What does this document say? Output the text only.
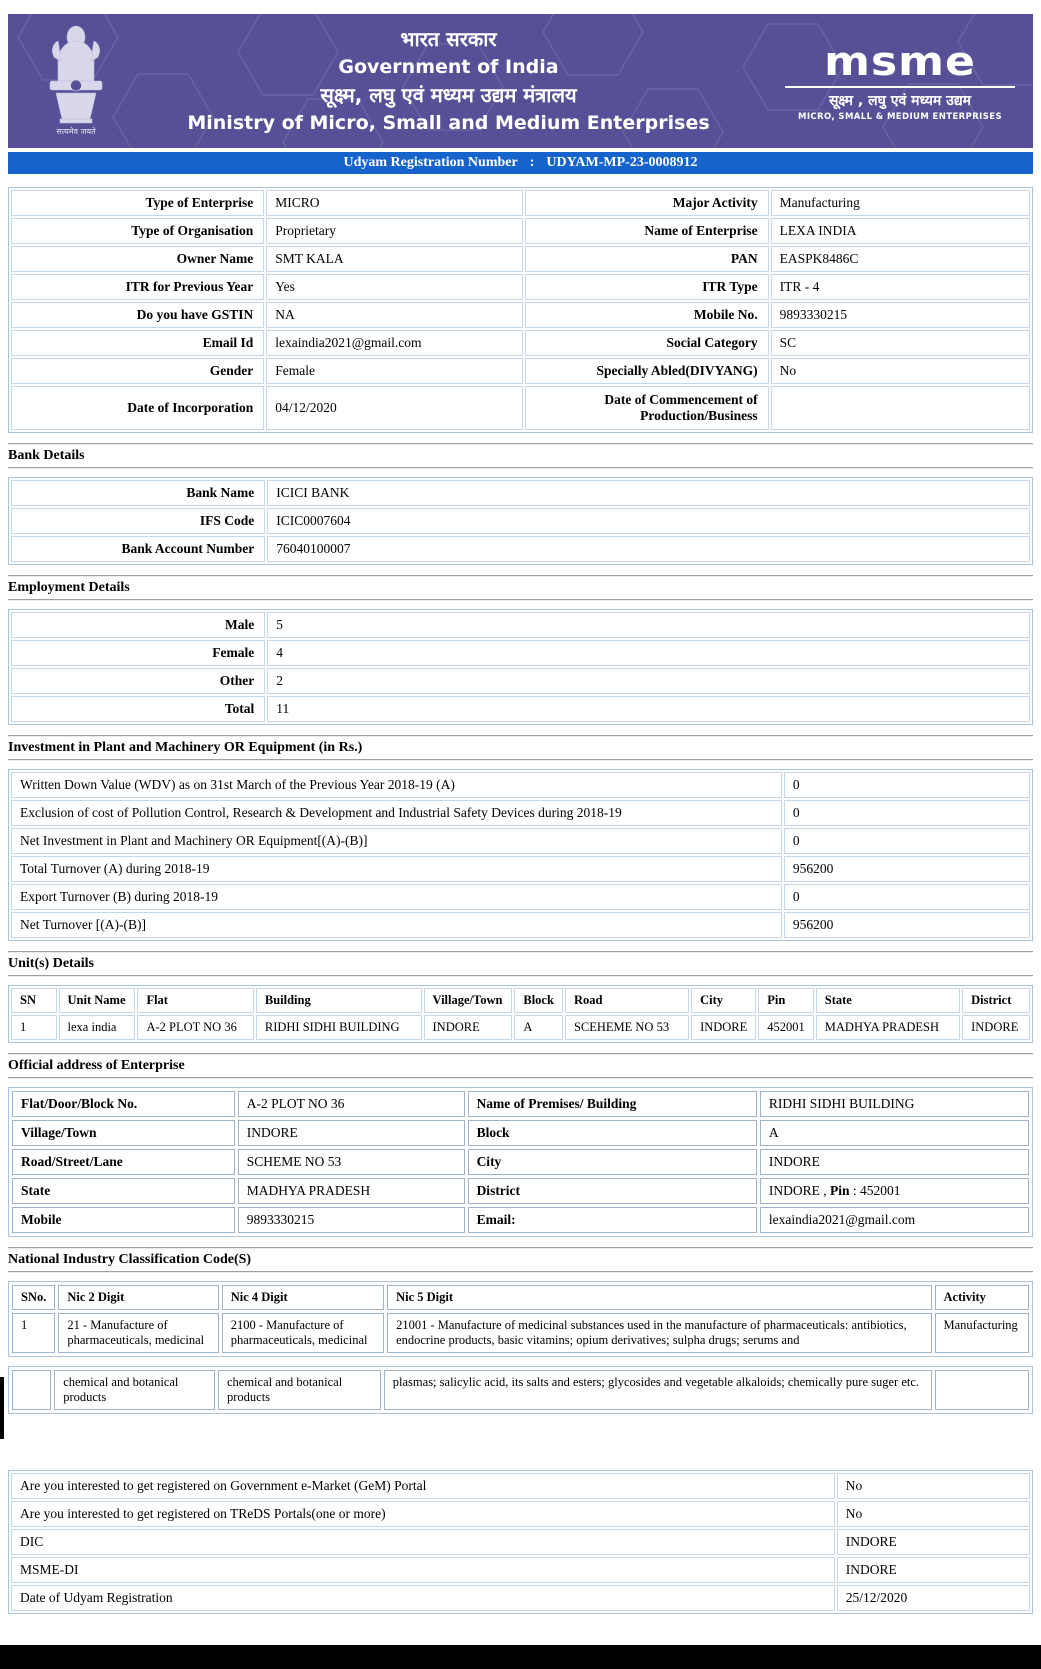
सत्यमेव जयते
भारत सरकार
Government of India
सूक्ष्म, लघु एवं मध्यम उद्यम मंत्रालय
Ministry of Micro, Small and Medium Enterprises
msme
सूक्ष्म , लघु एवं मध्यम उद्यम
MICRO, SMALL & MEDIUM ENTERPRISES
Udyam Registration Number : UDYAM-MP-23-0008912
Type of Enterprise	MICRO	Major Activity	Manufacturing
Type of Organisation	Proprietary	Name of Enterprise	LEXA INDIA
Owner Name	SMT KALA	PAN	EASPK8486C
ITR for Previous Year	Yes	ITR Type	ITR - 4
Do you have GSTIN	NA	Mobile No.	9893330215
Email Id	lexaindia2021@gmail.com	Social Category	SC
Gender	Female	Specially Abled(DIVYANG)	No
Date of Incorporation	04/12/2020	Date of Commencement of Production/Business	
Bank Details
Bank Name	ICICI BANK
IFS Code	ICIC0007604
Bank Account Number	76040100007
Employment Details
Male	5
Female	4
Other	2
Total	11
Investment in Plant and Machinery OR Equipment (in Rs.)
Written Down Value (WDV) as on 31st March of the Previous Year 2018-19 (A)	0
Exclusion of cost of Pollution Control, Research & Development and Industrial Safety Devices during 2018-19	0
Net Investment in Plant and Machinery OR Equipment[(A)-(B)]	0
Total Turnover (A) during 2018-19	956200
Export Turnover (B) during 2018-19	0
Net Turnover [(A)-(B)]	956200
Unit(s) Details
SN	Unit Name	Flat	Building	Village/Town	Block	Road	City	Pin	State	District
1	lexa india	A-2 PLOT NO 36	RIDHI SIDHI BUILDING	INDORE	A	SCEHEME NO 53	INDORE	452001	MADHYA PRADESH	INDORE
Official address of Enterprise
Flat/Door/Block No.	A-2 PLOT NO 36	Name of Premises/ Building	RIDHI SIDHI BUILDING
Village/Town	INDORE	Block	A
Road/Street/Lane	SCHEME NO 53	City	INDORE
State	MADHYA PRADESH	District	INDORE , Pin : 452001
Mobile	9893330215	Email:	lexaindia2021@gmail.com
National Industry Classification Code(S)
SNo.	Nic 2 Digit	Nic 4 Digit	Nic 5 Digit	Activity
1	21 - Manufacture of pharmaceuticals, medicinal	2100 - Manufacture of pharmaceuticals, medicinal	21001 - Manufacture of medicinal substances used in the manufacture of pharmaceuticals: antibiotics, endocrine products, basic vitamins; opium derivatives; sulpha drugs; serums and	Manufacturing
	chemical and botanical products	chemical and botanical products	plasmas; salicylic acid, its salts and esters; glycosides and vegetable alkaloids; chemically pure suger etc.	
Are you interested to get registered on Government e-Market (GeM) Portal	No
Are you interested to get registered on TReDS Portals(one or more)	No
DIC	INDORE
MSME-DI	INDORE
Date of Udyam Registration	25/12/2020
